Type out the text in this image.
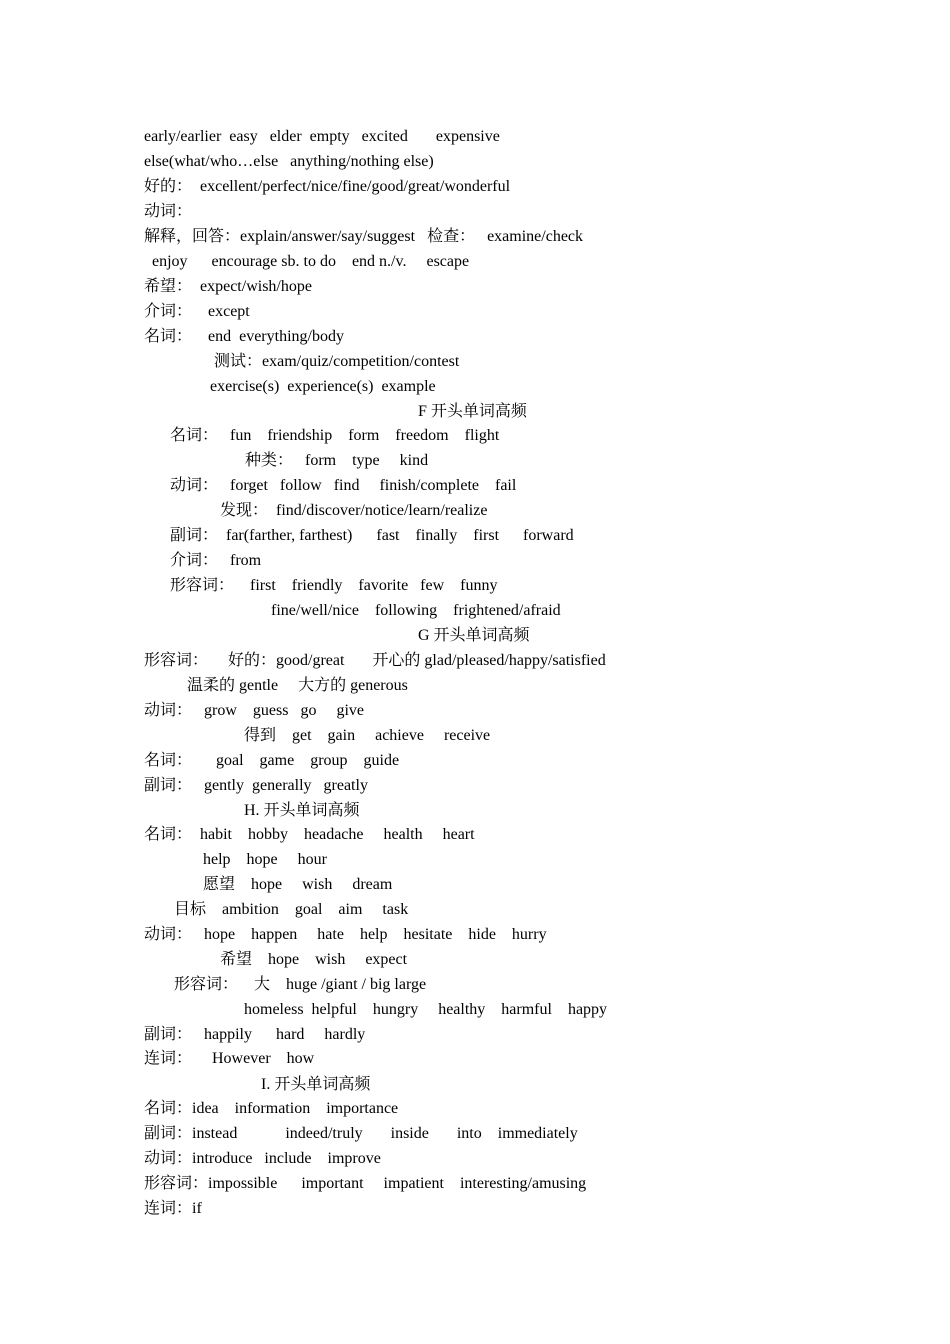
early/earlier  easy   elder  empty   excited       expensive
else(what/who…else   anything/nothing else)
好的：  excellent/perfect/nice/fine/good/great/wonderful
动词：
解释，回答：explain/answer/say/suggest   检查：   examine/check
enjoy      encourage sb. to do    end n./v.     escape
希望：  expect/wish/hope
介词：    except
名词：    end  everything/body
测试：exam/quiz/competition/contest
exercise(s)  experience(s)  example
F 开头单词高频
名词：   fun    friendship    form    freedom    flight
种类：   form    type     kind
动词：   forget   follow   find     finish/complete    fail
发现：  find/discover/notice/learn/realize
副词：  far(farther, farthest)      fast    finally    first      forward
介词：   from
形容词：    first    friendly    favorite   few    funny
fine/well/nice    following    frightened/afraid
G 开头单词高频
形容词：     好的：good/great       开心的 glad/pleased/happy/satisfied
温柔的 gentle     大方的 generous
动词：   grow    guess   go     give
得到    get    gain     achieve     receive
名词：      goal    game    group    guide
副词：   gently  generally   greatly
H. 开头单词高频
名词：  habit    hobby    headache     health     heart
help    hope     hour
愿望    hope     wish     dream
目标    ambition    goal    aim     task
动词：   hope    happen     hate    help    hesitate    hide    hurry
希望    hope    wish     expect
形容词：    大    huge /giant / big large
homeless  helpful    hungry     healthy    harmful    happy
副词：   happily      hard     hardly
连词：     However    how
I. 开头单词高频
名词：idea    information    importance
副词：instead            indeed/truly       inside       into    immediately
动词：introduce   include    improve
形容词：impossible      important     impatient    interesting/amusing
连词：if
